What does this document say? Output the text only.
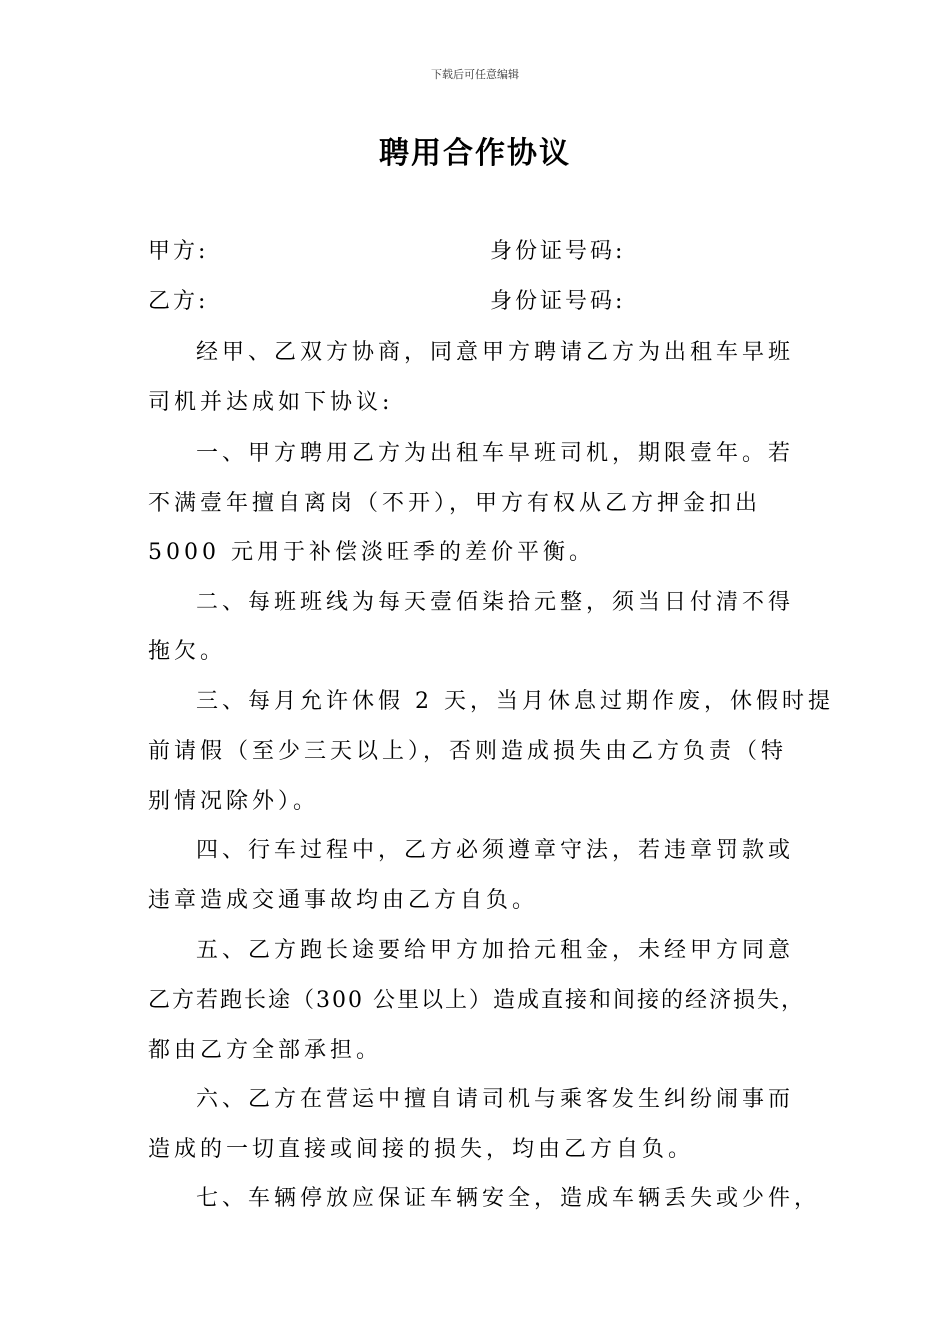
下载后可任意编辑
聘用合作协议
甲方:	身份证号码:
乙方:	身份证号码:
经甲、乙双方协商，同意甲方聘请乙方为出租车早班
司机并达成如下协议:
一、甲方聘用乙方为出租车早班司机，期限壹年。若
不满壹年擅自离岗（不开），甲方有权从乙方押金扣出
5000 元用于补偿淡旺季的差价平衡。
二、每班班线为每天壹佰柒拾元整，须当日付清不得
拖欠。
三、每月允许休假 2 天，当月休息过期作废，休假时提
前请假（至少三天以上），否则造成损失由乙方负责（特
别情况除外）。
四、行车过程中，乙方必须遵章守法，若违章罚款或
违章造成交通事故均由乙方自负。
五、乙方跑长途要给甲方加拾元租金，未经甲方同意
乙方若跑长途（300 公里以上）造成直接和间接的经济损失，
都由乙方全部承担。
六、乙方在营运中擅自请司机与乘客发生纠纷闹事而
造成的一切直接或间接的损失，均由乙方自负。
七、车辆停放应保证车辆安全，造成车辆丢失或少件，
